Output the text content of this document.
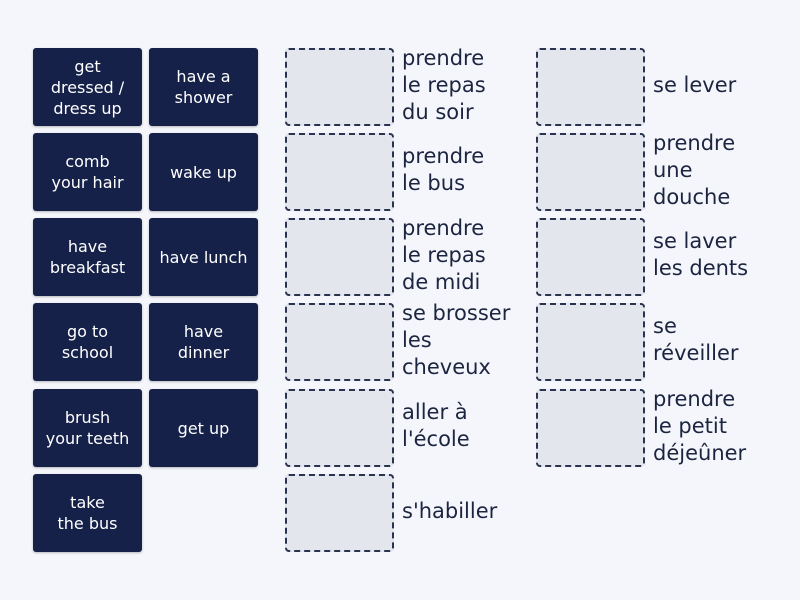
get
dressed /
dress up
have a
shower
comb
your hair
wake up
have
breakfast
have lunch
go to
school
have
dinner
brush
your teeth
get up
take
the bus
prendre
le repas
du soir
prendre
le bus
prendre
le repas
de midi
se brosser
les
cheveux
aller à
l'école
s'habiller
se lever
prendre
une
douche
se laver
les dents
se
réveiller
prendre
le petit
déjeûner
